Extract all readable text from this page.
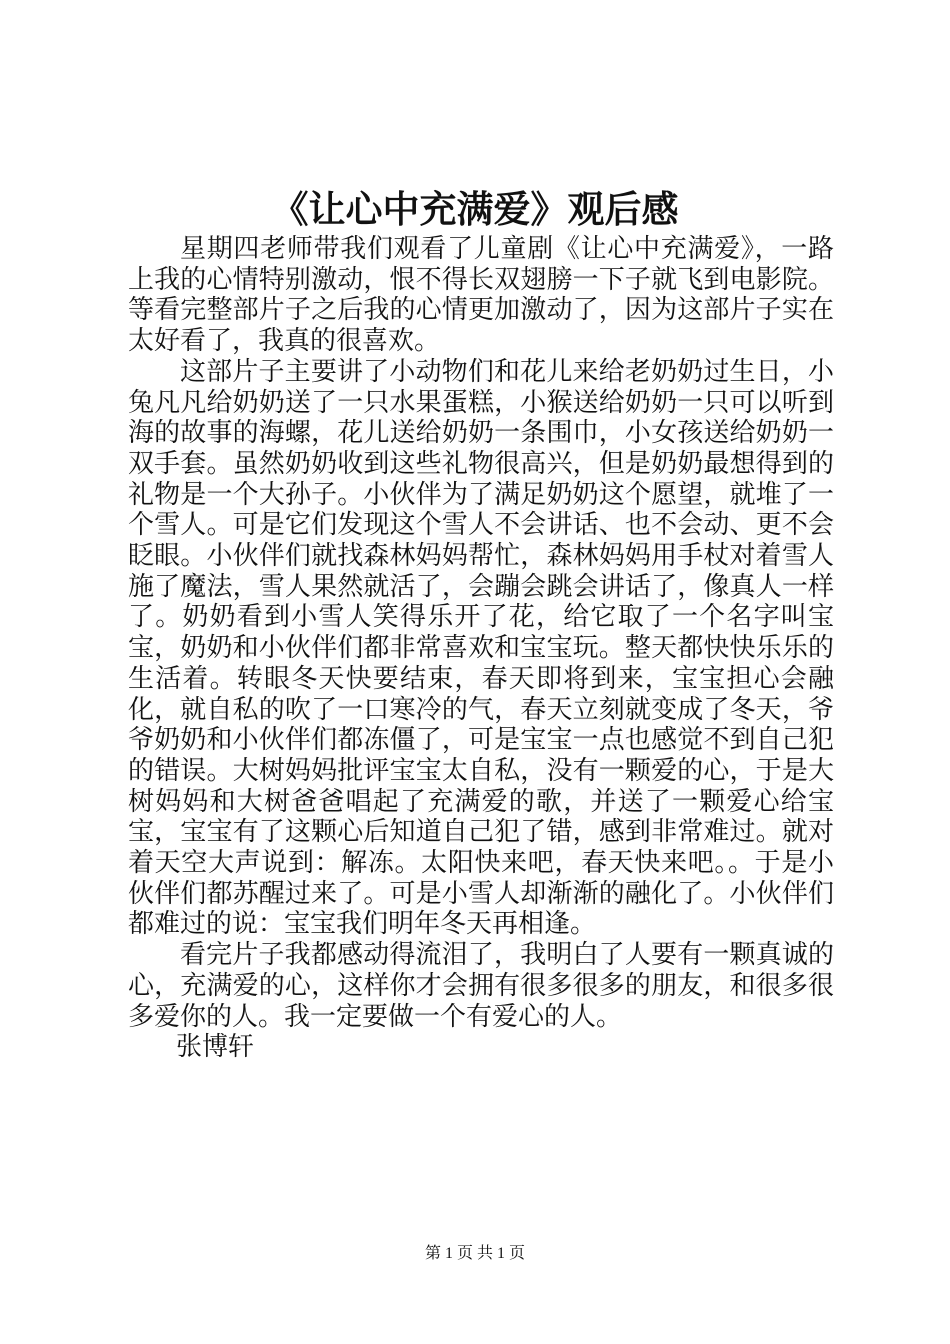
《让心中充满爱》观后感

星期四老师带我们观看了儿童剧《让心中充满爱》，一路上我的心情特别激动，恨不得长双翅膀一下子就飞到电影院。等看完整部片子之后我的心情更加激动了，因为这部片子实在太好看了，我真的很喜欢。

这部片子主要讲了小动物们和花儿来给老奶奶过生日，小兔凡凡给奶奶送了一只水果蛋糕，小猴送给奶奶一只可以听到海的故事的海螺，花儿送给奶奶一条围巾，小女孩送给奶奶一双手套。虽然奶奶收到这些礼物很高兴，但是奶奶最想得到的礼物是一个大孙子。小伙伴为了满足奶奶这个愿望，就堆了一个雪人。可是它们发现这个雪人不会讲话、也不会动、更不会眨眼。小伙伴们就找森林妈妈帮忙，森林妈妈用手杖对着雪人施了魔法，雪人果然就活了，会蹦会跳会讲话了，像真人一样了。奶奶看到小雪人笑得乐开了花，给它取了一个名字叫宝宝，奶奶和小伙伴们都非常喜欢和宝宝玩。整天都快快乐乐的生活着。转眼冬天快要结束，春天即将到来，宝宝担心会融化，就自私的吹了一口寒冷的气，春天立刻就变成了冬天，爷爷奶奶和小伙伴们都冻僵了，可是宝宝一点也感觉不到自己犯的错误。大树妈妈批评宝宝太自私，没有一颗爱的心，于是大树妈妈和大树爸爸唱起了充满爱的歌，并送了一颗爱心给宝宝，宝宝有了这颗心后知道自己犯了错，感到非常难过。就对着天空大声说到：解冻。太阳快来吧，春天快来吧。。于是小伙伴们都苏醒过来了。可是小雪人却渐渐的融化了。小伙伴们都难过的说：宝宝我们明年冬天再相逢。

看完片子我都感动得流泪了，我明白了人要有一颗真诚的心，充满爱的心，这样你才会拥有很多很多的朋友，和很多很多爱你的人。我一定要做一个有爱心的人。

张博轩

第 1 页 共 1 页
